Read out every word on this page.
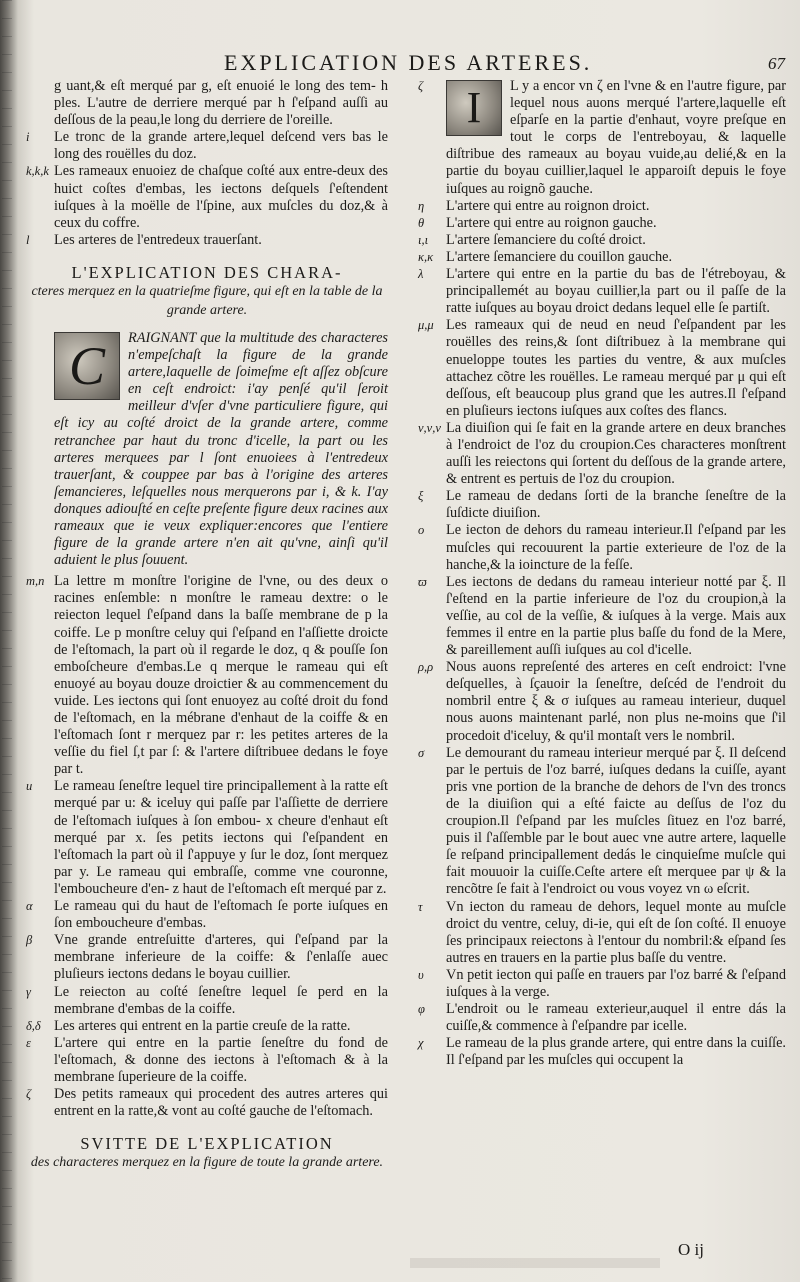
EXPLICATION DES ARTERES.	67

g uant,& eſt merqué par g, eſt enuoié le long des tem- h ples. L'autre de derriere merqué par h ſ'eſpand auſſi au deſſous de la peau,le long du derriere de l'oreille.

i	Le tronc de la grande artere,lequel deſcend vers bas le long des rouëlles du doz.

k,k,k Les rameaux enuoiez de chaſque coſté aux entre-deux des huict coſtes d'embas, les iectons deſquels ſ'eſtendent iuſques à la moëlle de l'ſpine, aux muſcles du doz,& à ceux du coffre.

l	Les arteres de l'entredeux trauerſant.

L'EXPLICATION DES CHARA-
cteres merquez en la quatrieſme figure, qui eſt en la table de la grande artere.
C	RAIGNANT que la multitude des characteres n'empeſchaſt la figure de la grande artere,laquelle de ſoimeſme eſt aſſez obſcure en ceſt endroict: i'ay penſé qu'il ſeroit meilleur d'vſer d'vne particuliere figure, qui eſt icy au coſté droict de la grande artere, comme retranchee par haut du tronc d'icelle, la part ou les arteres merquees par l ſont enuoiees à l'entredeux trauerſant, & couppee par bas à l'origine des arteres ſemancieres, leſquelles nous merquerons par i, & k. I'ay donques adiouſté en ceſte preſente figure deux racines aux rameaux que ie veux expliquer:encores que l'entiere figure de la grande artere n'en ait qu'vne, ainſi qu'il aduient le plus ſouuent.

m,n La lettre m monſtre l'origine de l'vne, ou des deux o racines enſemble: n monſtre le rameau dextre: o le reiecton lequel ſ'eſpand dans la baſſe membrane de p la coiffe. Le p monſtre celuy qui ſ'eſpand en l'aſſiette droicte de l'eſtomach, la part où il regarde le doz, q & pouſſe ſon emboſcheure d'embas.Le q merque le rameau qui eſt enuoyé au boyau douze droictier & au commencement du vuide. Les iectons qui ſont enuoyez au coſté droit du fond de l'eſtomach, en la mébrane d'enhaut de la coiffe & en l'eſtomach ſont r merquez par r: les petites arteres de la veſſie du fiel ſ,t par ſ: & l'artere diſtribuee dedans le foye par t.

u	Le rameau ſeneſtre lequel tire principallement à la ratte eſt merqué par u: & iceluy qui paſſe par l'aſſiette de derriere de l'eſtomach iuſques à ſon embou- x cheure d'enhaut eſt merqué par x. ſes petits iectons qui ſ'eſpandent en l'eſtomach la part où il ſ'appuye y ſur le doz, ſont merquez par y. Le rameau qui embraſſe, comme vne couronne, l'emboucheure d'en- z haut de l'eſtomach eſt merqué par z.

α	Le rameau qui du haut de l'eſtomach ſe porte iuſques en ſon emboucheure d'embas.

β	Vne grande entreſuitte d'arteres, qui ſ'eſpand par la membrane inferieure de la coiffe: & ſ'enlaſſe auec pluſieurs iectons dedans le boyau cuillier.

γ	Le reiecton au coſté ſeneſtre lequel ſe perd en la membrane d'embas de la coiffe.

δ,δ Les arteres qui entrent en la partie creuſe de la ratte.

ε	L'artere qui entre en la partie ſeneſtre du fond de l'eſtomach, & donne des iectons à l'eſtomach & à la membrane ſuperieure de la coiffe.

ζ	Des petits rameaux qui procedent des autres arteres qui entrent en la ratte,& vont au coſté gauche de l'eſtomach.

SVITTE DE L'EXPLICATION
des characteres merquez en la figure de toute la grande artere.

ζ I	L y a encor vn ζ en l'vne & en l'autre figure, par lequel nous auons merqué l'artere,laquelle eſt eſparſe en la partie d'enhaut, voyre preſque en tout le corps de l'entreboyau, & laquelle diſtribue des rameaux au boyau vuide,au delié,& en la partie du boyau cuillier,laquel le apparoiſt depuis le foye iuſques au roignõ gauche.

η	L'artere qui entre au roignon droict.

θ	L'artere qui entre au roignon gauche.

ι,ι	L'artere ſemanciere du coſté droict.

κ,κ L'artere ſemanciere du couillon gauche.

λ	L'artere qui entre en la partie du bas de l'étreboyau, & principallemét au boyau cuillier,la part ou il paſſe de la ratte iuſques au boyau droict dedans lequel elle ſe partiſt.

μ,μ Les rameaux qui de neud en neud ſ'eſpandent par les rouëlles des reins,& ſont diſtribuez à la membrane qui enueloppe toutes les parties du ventre, & aux muſcles attachez cõtre les rouëlles. Le rameau merqué par μ qui eſt deſſous, eſt beaucoup plus grand que les autres.Il ſ'eſpand en pluſieurs iectons iuſques aux coſtes des flancs.

ν,ν,ν La diuiſion qui ſe fait en la grande artere en deux branches à l'endroict de l'oz du croupion.Ces characteres monſtrent auſſi les reiectons qui ſortent du deſſous de la grande artere, & entrent es pertuis de l'oz du croupion.

ξ	Le rameau de dedans ſorti de la branche ſeneſtre de la ſuſdicte diuiſion.

ο	Le iecton de dehors du rameau interieur.Il ſ'eſpand par les muſcles qui recouurent la partie exterieure de l'oz de la hanche,& la ioincture de la feſſe.

ϖ	Les iectons de dedans du rameau interieur notté par ξ. Il ſ'eſtend en la partie inferieure de l'oz du croupion,à la veſſie, au col de la veſſie, & iuſques à la verge. Mais aux femmes il entre en la partie plus baſſe du fond de la Mere, & pareillement auſſi iuſques au col d'icelle.

ρ,ρ Nous auons repreſenté des arteres en ceſt endroict: l'vne deſquelles, à ſçauoir la ſeneſtre, deſcéd de l'endroit du nombril entre ξ & σ iuſques au rameau interieur, duquel nous auons maintenant parlé, non plus ne-moins que ſ'il procedoit d'iceluy, & qu'il montaſt vers le nombril.

σ	Le demourant du rameau interieur merqué par ξ. Il deſcend par le pertuis de l'oz barré, iuſques dedans la cuiſſe, ayant pris vne portion de la branche de dehors de l'vn des troncs de la diuiſion qui a eſté faicte au deſſus de l'oz du croupion.Il ſ'eſpand par les muſcles ſituez en l'oz barré, puis il ſ'aſſemble par le bout auec vne autre artere, laquelle ſe reſpand principallement dedás le cinquieſme muſcle qui fait mouuoir la cuiſſe.Ceſte artere eſt merquee par ψ & la rencõtre ſe fait à l'endroict ou vous voyez vn ω eſcrit.

τ	Vn iecton du rameau de dehors, lequel monte au muſcle droict du ventre, celuy, di-ie, qui eſt de ſon coſté. Il enuoye ſes principaux reiectons à l'entour du nombril:& eſpand ſes autres en trauers en la partie plus baſſe du ventre.

υ	Vn petit iecton qui paſſe en trauers par l'oz barré & ſ'eſpand iuſques à la verge.

φ	L'endroit ou le rameau exterieur,auquel il entre dás la cuiſſe,& commence à ſ'eſpandre par icelle.

χ	Le rameau de la plus grande artere, qui entre dans la cuiſſe. Il ſ'eſpand par les muſcles qui occupent la

O ij
